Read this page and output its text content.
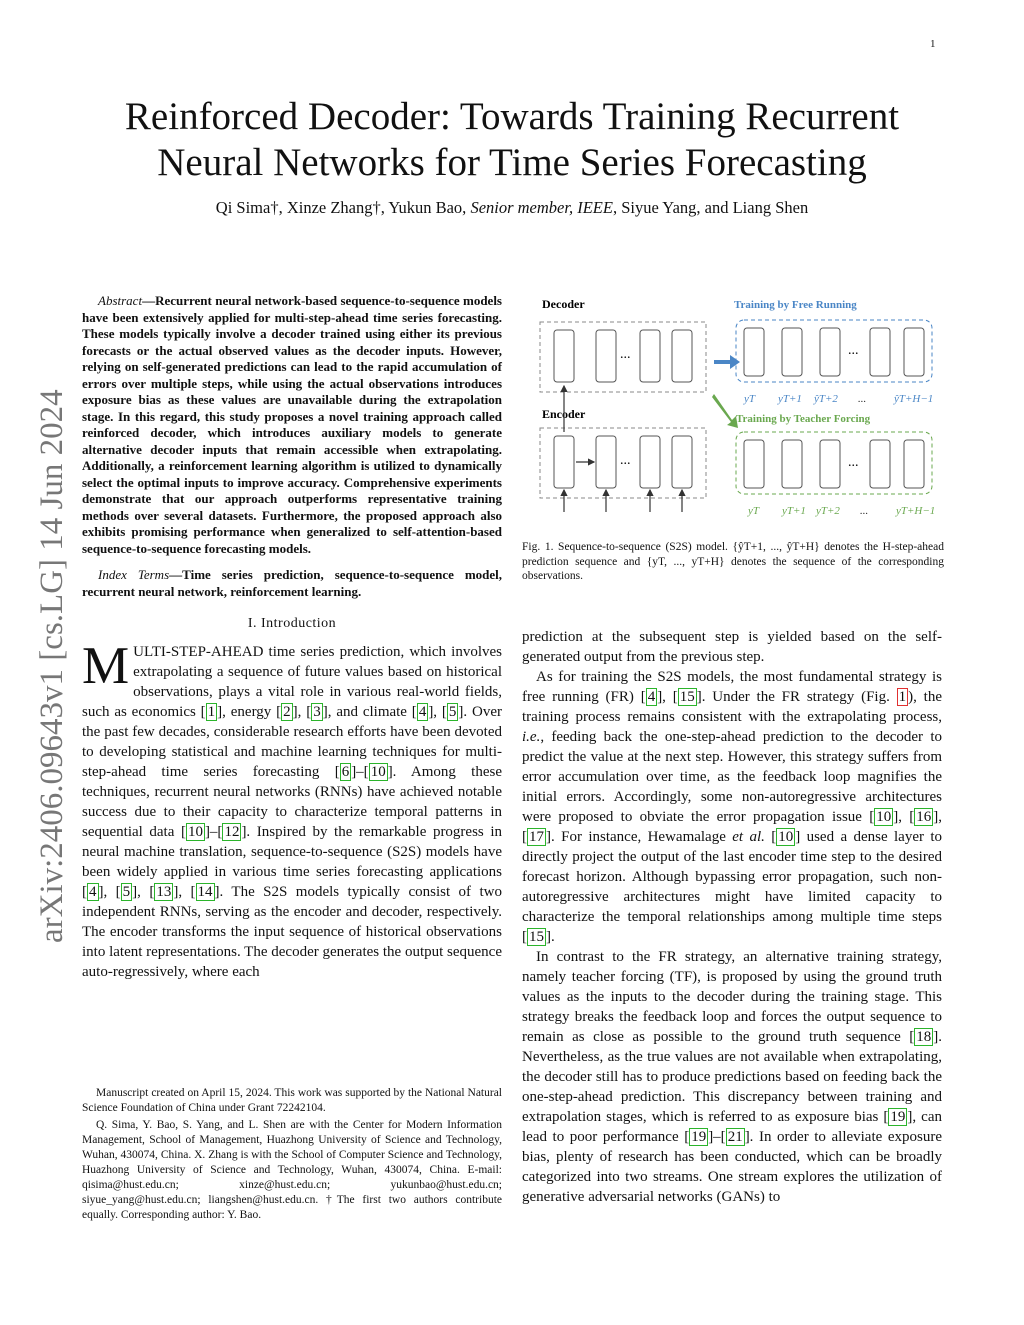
1
arXiv:2406.09643v1 [cs.LG] 14 Jun 2024
Reinforced Decoder: Towards Training Recurrent
Neural Networks for Time Series Forecasting
Qi Sima†, Xinze Zhang†, Yukun Bao, Senior member, IEEE, Siyue Yang, and Liang Shen

Abstract—Recurrent neural network-based sequence-to-sequence models have been extensively applied for multi-step-ahead time series forecasting. These models typically involve a decoder trained using either its previous forecasts or the actual observed values as the decoder inputs. However, relying on self-generated predictions can lead to the rapid accumulation of errors over multiple steps, while using the actual observations introduces exposure bias as these values are unavailable during the extrapolation stage. In this regard, this study proposes a novel training approach called reinforced decoder, which introduces auxiliary models to generate alternative decoder inputs that remain accessible when extrapolating. Additionally, a reinforcement learning algorithm is utilized to dynamically select the optimal inputs to improve accuracy. Comprehensive experiments demonstrate that our approach outperforms representative training methods over several datasets. Furthermore, the proposed approach also exhibits promising performance when generalized to self-attention-based sequence-to-sequence forecasting models.

Index Terms—Time series prediction, sequence-to-sequence model, recurrent neural network, reinforcement learning.

I. Introduction

MULTI-STEP-AHEAD time series prediction, which involves extrapolating a sequence of future values based on historical observations, plays a vital role in various real-world fields, such as economics [ 1 ], energy [ 2 ], [ 3 ], and climate [ 4 ], [ 5 ]. Over the past few decades, considerable research efforts have been devoted to developing statistical and machine learning techniques for multi-step-ahead time series forecasting [ 6 ]–[ 10 ]. Among these techniques, recurrent neural networks (RNNs) have achieved notable success due to their capacity to characterize temporal patterns in sequential data [ 10 ]–[ 12 ]. Inspired by the remarkable progress in neural machine translation, sequence-to-sequence (S2S) models have been widely applied in various time series forecasting applications [ 4 ], [ 5 ], [ 13 ], [ 14 ]. The S2S models typically consist of two independent RNNs, serving as the encoder and decoder, respectively. The encoder transforms the input sequence of historical observations into latent representations. The decoder generates the output sequence auto-regressively, where each

Manuscript created on April 15, 2024. This work was supported by the National Natural Science Foundation of China under Grant 72242104.

Q. Sima, Y. Bao, S. Yang, and L. Shen are with the Center for Modern Information Management, School of Management, Huazhong University of Science and Technology, Wuhan, 430074, China. X. Zhang is with the School of Computer Science and Technology, Huazhong University of Science and Technology, Wuhan, 430074, China. E-mail: qisima@hust.edu.cn; xinze@hust.edu.cn; yukunbao@hust.edu.cn; siyue_yang@hust.edu.cn; liangshen@hust.edu.cn. †The first two authors contribute equally. Corresponding author: Y. Bao.

Decoder
...
Encoder
...
Training by Free Running
...
yT yT+1 ŷT+2 ...	ŷT+H−1
Training by Teacher Forcing
...
yT yT+1 yT+2 ...	yT+H−1
Fig. 1. Sequence-to-sequence (S2S) model. {ŷT+1, ..., ŷT+H} denotes the H-step-ahead prediction sequence and {yT, ..., yT+H} denotes the sequence of the corresponding observations.

prediction at the subsequent step is yielded based on the self-generated output from the previous step.

As for training the S2S models, the most fundamental strategy is free running (FR) [ 4 ], [ 15 ]. Under the FR strategy (Fig. 1 ), the training process remains consistent with the extrapolating process, i.e., feeding back the one-step-ahead prediction to the decoder to predict the value at the next step. However, this strategy suffers from error accumulation over time, as the feedback loop magnifies the initial errors. Accordingly, some non-autoregressive architectures were proposed to obviate the error propagation issue [ 10 ], [ 16 ], [ 17 ]. For instance, Hewamalage et al. [ 10 ] used a dense layer to directly project the output of the last encoder time step to the desired forecast horizon. Although bypassing error propagation, such non-autoregressive architectures might have limited capacity to characterize the temporal relationships among multiple time steps [ 15 ].

In contrast to the FR strategy, an alternative training strategy, namely teacher forcing (TF), is proposed by using the ground truth values as the inputs to the decoder during the training stage. This strategy breaks the feedback loop and forces the output sequence to remain as close as possible to the ground truth sequence [ 18 ]. Nevertheless, as the true values are not available when extrapolating, the decoder still has to produce predictions based on feeding back the one-step-ahead prediction. This discrepancy between training and extrapolation stages, which is referred to as exposure bias [ 19 ], can lead to poor performance [ 19 ]–[ 21 ]. In order to alleviate exposure bias, plenty of research has been conducted, which can be broadly categorized into two streams. One stream explores the utilization of generative adversarial networks (GANs) to
